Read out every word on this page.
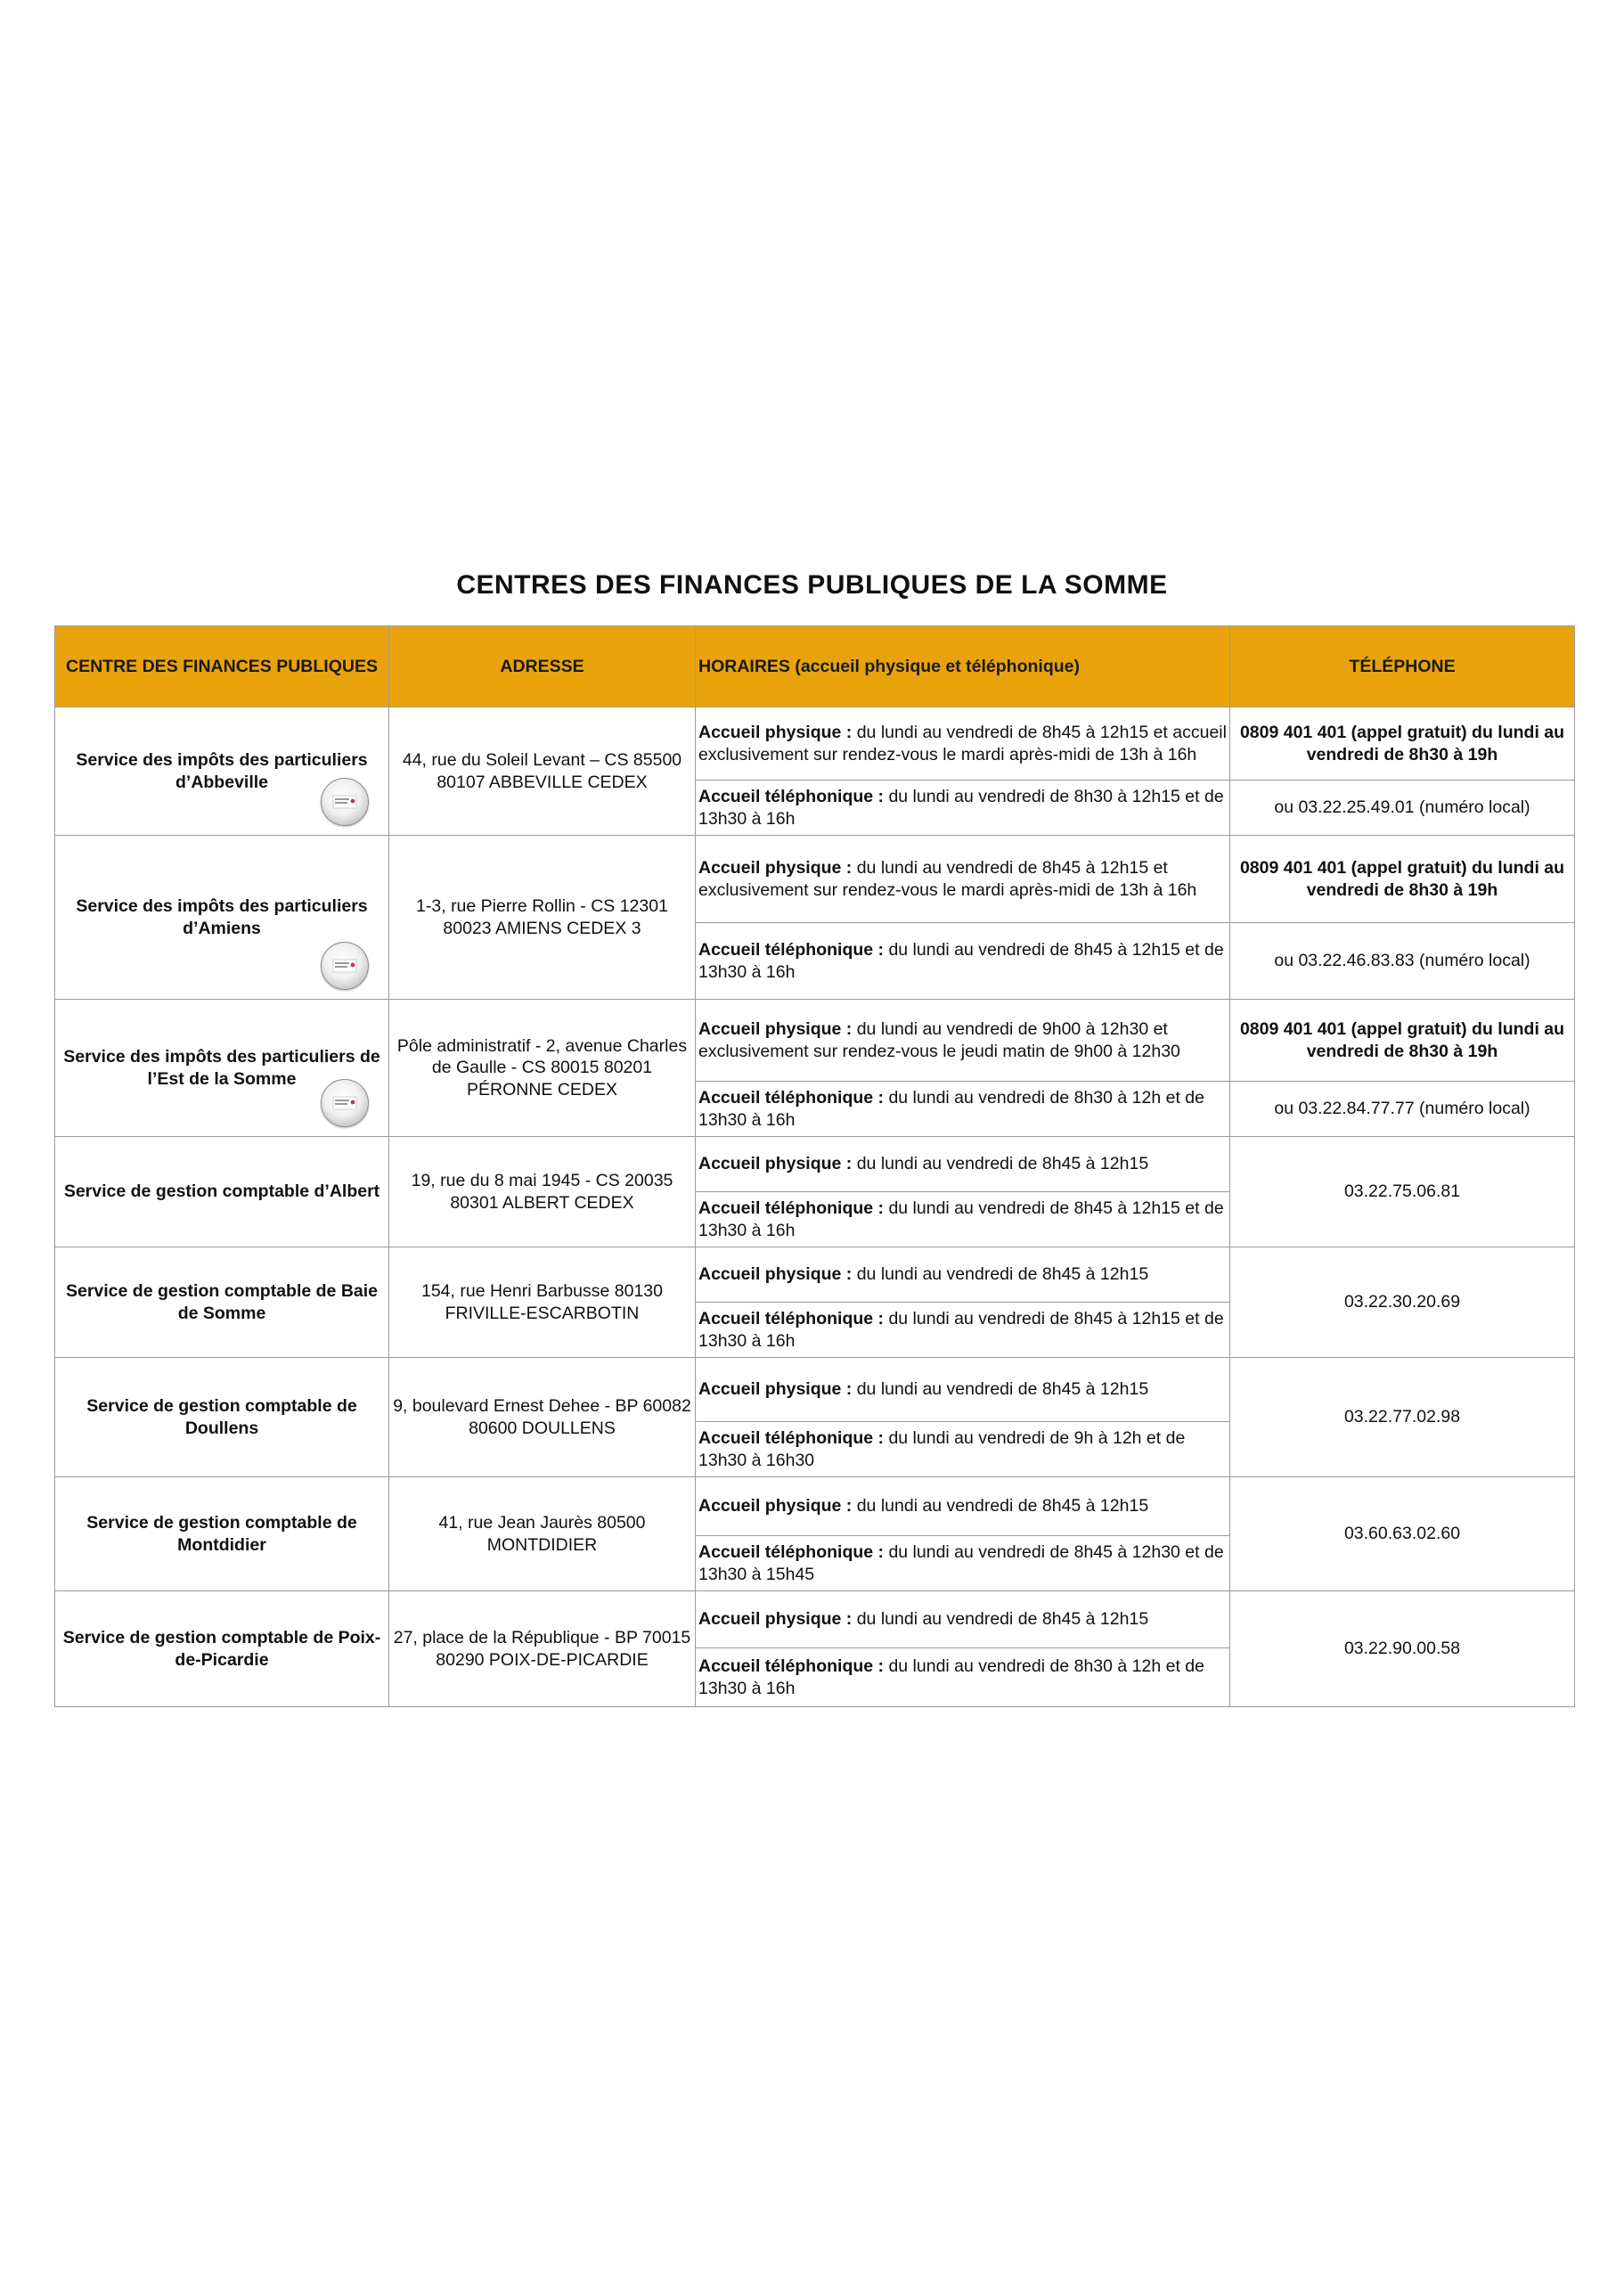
CENTRES DES FINANCES PUBLIQUES DE LA SOMME
CENTRE DES FINANCES PUBLIQUES	ADRESSE	HORAIRES (accueil physique et téléphonique)	TÉLÉPHONE
Service des impôts des particuliers d’Abbeville	44, rue du Soleil Levant – CS 85500 80107 ABBEVILLE CEDEX	Accueil physique : du lundi au vendredi de 8h45 à 12h15 et accueil exclusivement sur rendez-vous le mardi après-midi de 13h à 16h	0809 401 401 (appel gratuit) du lundi au vendredi de 8h30 à 19h
		Accueil téléphonique : du lundi au vendredi de 8h30 à 12h15 et de 13h30 à 16h	ou 03.22.25.49.01 (numéro local)
Service des impôts des particuliers d’Amiens	1-3, rue Pierre Rollin - CS 12301 80023 AMIENS CEDEX 3	Accueil physique : du lundi au vendredi de 8h45 à 12h15 et exclusivement sur rendez-vous le mardi après-midi de 13h à 16h	0809 401 401 (appel gratuit) du lundi au vendredi de 8h30 à 19h
		Accueil téléphonique : du lundi au vendredi de 8h45 à 12h15 et de 13h30 à 16h	ou 03.22.46.83.83 (numéro local)
Service des impôts des particuliers de l’Est de la Somme	Pôle administratif - 2, avenue Charles de Gaulle - CS 80015 80201 PÉRONNE CEDEX	Accueil physique : du lundi au vendredi de 9h00 à 12h30 et exclusivement sur rendez-vous le jeudi matin de 9h00 à 12h30	0809 401 401 (appel gratuit) du lundi au vendredi de 8h30 à 19h
		Accueil téléphonique : du lundi au vendredi de 8h30 à 12h et de 13h30 à 16h	ou 03.22.84.77.77 (numéro local)
Service de gestion comptable d’Albert	19, rue du 8 mai 1945 - CS 20035 80301 ALBERT CEDEX	Accueil physique : du lundi au vendredi de 8h45 à 12h15	03.22.75.06.81
		Accueil téléphonique : du lundi au vendredi de 8h45 à 12h15 et de 13h30 à 16h	
Service de gestion comptable de Baie de Somme	154, rue Henri Barbusse 80130 FRIVILLE-ESCARBOTIN	Accueil physique : du lundi au vendredi de 8h45 à 12h15	03.22.30.20.69
		Accueil téléphonique : du lundi au vendredi de 8h45 à 12h15 et de 13h30 à 16h	
Service de gestion comptable de Doullens	9, boulevard Ernest Dehee - BP 60082 80600 DOULLENS	Accueil physique : du lundi au vendredi de 8h45 à 12h15	03.22.77.02.98
		Accueil téléphonique : du lundi au vendredi de 9h à 12h et de 13h30 à 16h30	
Service de gestion comptable de Montdidier	41, rue Jean Jaurès 80500 MONTDIDIER	Accueil physique : du lundi au vendredi de 8h45 à 12h15	03.60.63.02.60
		Accueil téléphonique : du lundi au vendredi de 8h45 à 12h30 et de 13h30 à 15h45	
Service de gestion comptable de Poix-de-Picardie	27, place de la République - BP 70015 80290 POIX-DE-PICARDIE	Accueil physique : du lundi au vendredi de 8h45 à 12h15	03.22.90.00.58
		Accueil téléphonique : du lundi au vendredi de 8h30 à 12h et de 13h30 à 16h	
